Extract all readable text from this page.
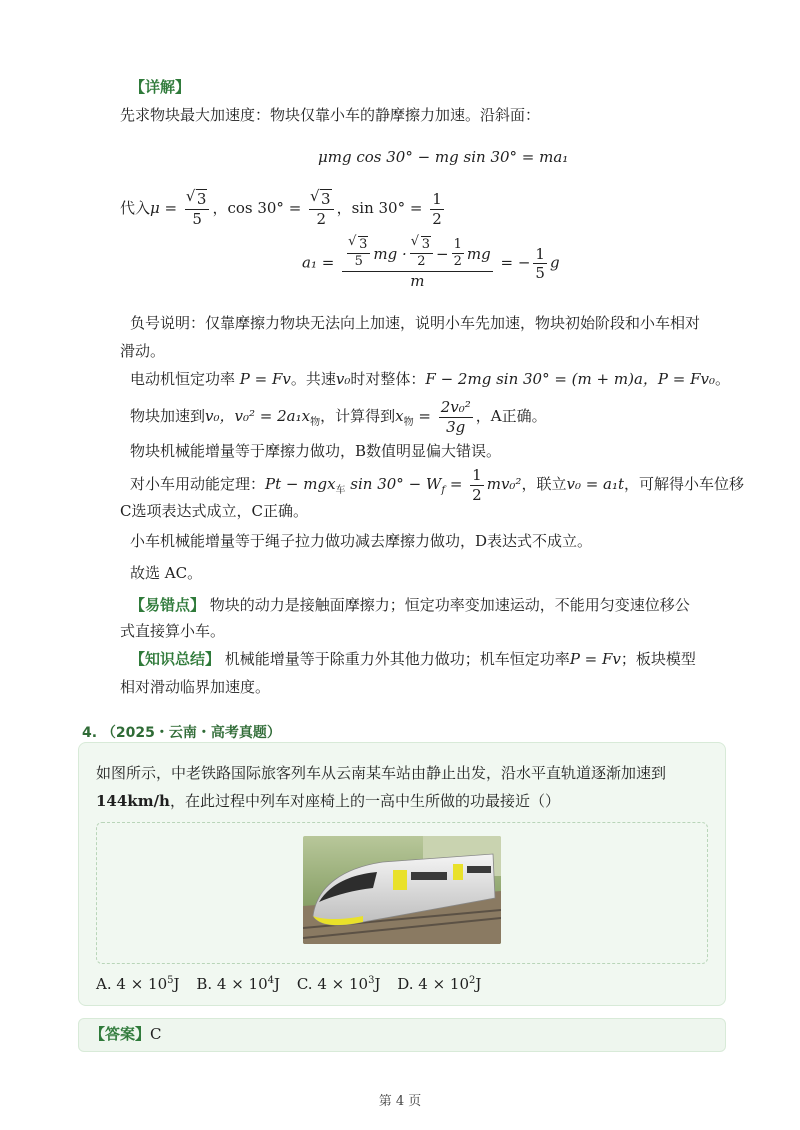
【详解】
先求物块最大加速度：物块仅靠小车的静摩擦力加速。沿斜面：
μmg cos 30° − mg sin 30° = ma₁
代入μ = √ $\frac{3}{5}$ ，cos 30° = √ $\frac{3}{2}$ ，$\sin 30^\circ = \frac{1}{2}$
a₁ = √ $\frac{3}{5}$ mg · √ $\frac{3}{2} - \frac{1}{2}$ mg
m
= − $\frac{1}{5}$ g
负号说明：仅靠摩擦力物块无法向上加速，说明小车先加速，物块初始阶段和小车相对
滑动。
电动机恒定功率 P = Fv。共速v₀时对整体：F − 2mg sin 30° = (m + m)a，P = Fv₀。
物块加速到v₀，$v_0^2 = 2a_1x_物$，计算得到$x_物 = \frac{\text{2v₀²}}{3g}$ ，A正确。
物块机械能增量等于摩擦力做功，B数值明显偏大错误。
对小车用动能定理：Pt − mgx$_车$ $\sin 30^\circ - W_f = \frac{1}{2} mv_0^2$，联立v₀ = a₁t，可解得小车位移
C选项表达式成立，C正确。
小车机械能增量等于绳子拉力做功减去摩擦力做功，D表达式不成立。
故选 AC。
【易错点】 物块的动力是接触面摩擦力；恒定功率变加速运动，不能用匀变速位移公
式直接算小车。
【知识总结】 机械能增量等于除重力外其他力做功；机车恒定功率P = Fv；板块模型
相对滑动临界加速度。
4. （2025・云南・高考真题）
如图所示，中老铁路国际旅客列车从云南某车站由静止出发，沿水平直轨道逐渐加速到
144km/h，在此过程中列车对座椅上的一高中生所做的功最接近（）
A. $4 \times 10^5J$ B. $4 \times 10^4J$ C. $4 \times 10^3J$ D. $4 \times 10^2J$
【答案】C
第 4 页
